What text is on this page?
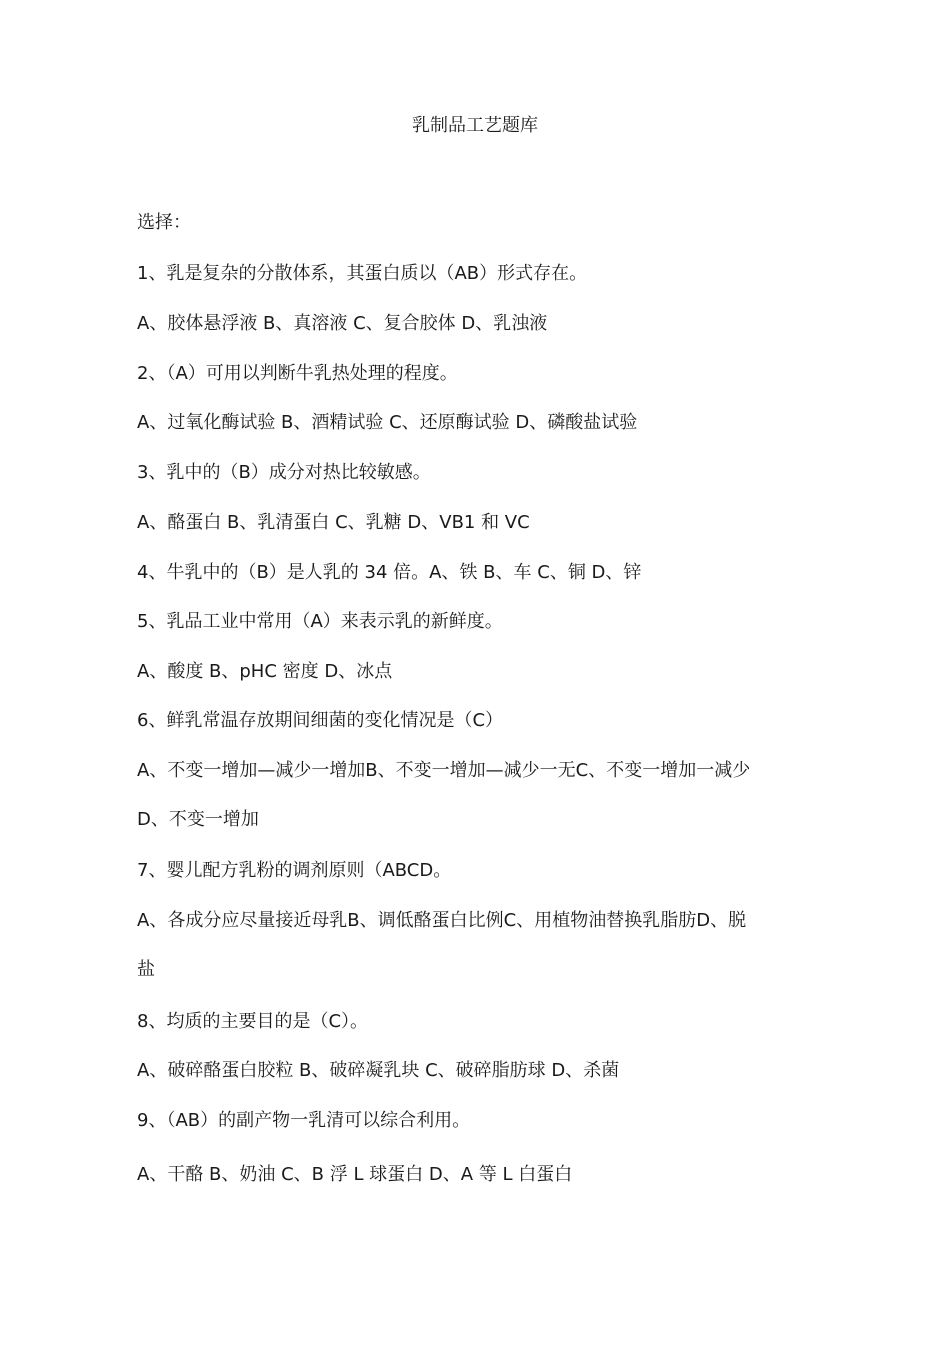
乳制品工艺题库
选择：
1、乳是复杂的分散体系，其蛋白质以（AB）形式存在。
A、胶体悬浮液 B、真溶液 C、复合胶体 D、乳浊液
2、（A）可用以判断牛乳热处理的程度。
A、过氧化酶试验 B、酒精试验 C、还原酶试验 D、磷酸盐试验
3、乳中的（B）成分对热比较敏感。
A、酪蛋白 B、乳清蛋白 C、乳糖 D、VB1 和 VC
4、牛乳中的（B）是人乳的 34 倍。A、铁 B、车 C、铜 D、锌
5、乳品工业中常用（A）来表示乳的新鲜度。
A、酸度 B、pHC 密度 D、冰点
6、鲜乳常温存放期间细菌的变化情况是（C）
A、不变一增加—减少一增加B、不变一增加—减少一无C、不变一增加一减少
D、不变一增加
7、婴儿配方乳粉的调剂原则（ABCD。
A、各成分应尽量接近母乳B、调低酪蛋白比例C、用植物油替换乳脂肪D、脱
盐
8、均质的主要目的是（C）。
A、破碎酪蛋白胶粒 B、破碎凝乳块 C、破碎脂肪球 D、杀菌
9、（AB）的副产物一乳清可以综合利用。
A、干酪 B、奶油 C、B 浮 L 球蛋白 D、A 等 L 白蛋白
